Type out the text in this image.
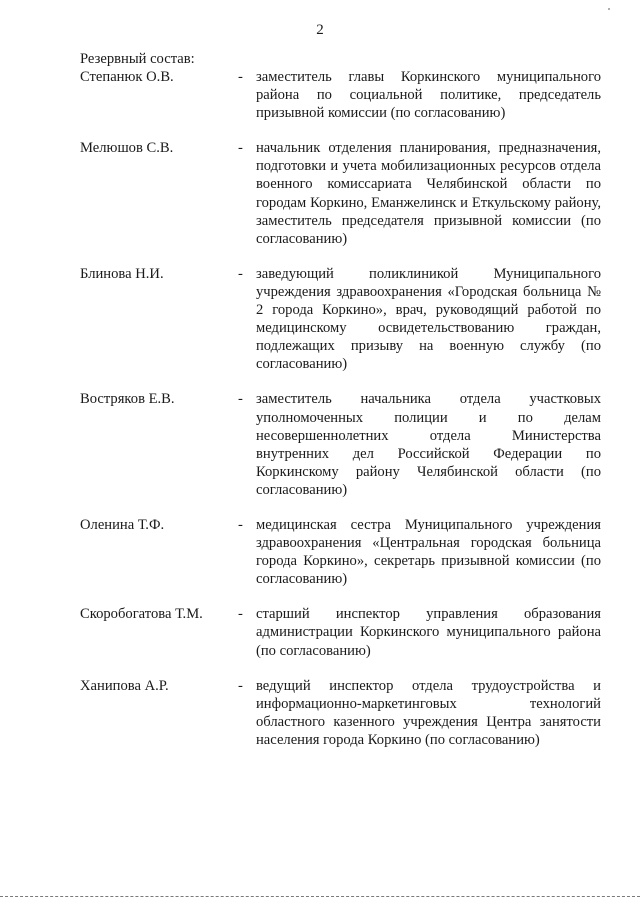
2
Резервный состав:
Степанюк О.В.	- заместитель главы Коркинского муниципального района по социальной политике, председатель призывной комиссии (по согласованию)
Мелюшов С.В.	- начальник отделения планирования, предназначения, подготовки и учета мобилизационных ресурсов отдела военного комиссариата Челябинской области по городам Коркино, Еманжелинск и Еткульскому району, заместитель председателя призывной комиссии (по согласованию)
Блинова Н.И.	- заведующий поликлиникой Муниципального учреждения здравоохранения «Городская больница № 2 города Коркино», врач, руководящий работой по медицинскому освидетельствованию граждан, подлежащих призыву на военную службу (по согласованию)
Востряков Е.В.	- заместитель начальника отдела участковых уполномоченных полиции и по делам несовершеннолетних отдела Министерства внутренних дел Российской Федерации по Коркинскому району Челябинской области (по согласованию)
Оленина Т.Ф.	- медицинская сестра Муниципального учреждения здравоохранения «Центральная городская больница города Коркино», секретарь призывной комиссии (по согласованию)
Скоробогатова Т.М.	- старший инспектор управления образования администрации Коркинского муниципального района (по согласованию)
Ханипова А.Р.	- ведущий инспектор отдела трудоустройства и информационно-маркетинговых технологий областного казенного учреждения Центра занятости населения города Коркино (по согласованию)
